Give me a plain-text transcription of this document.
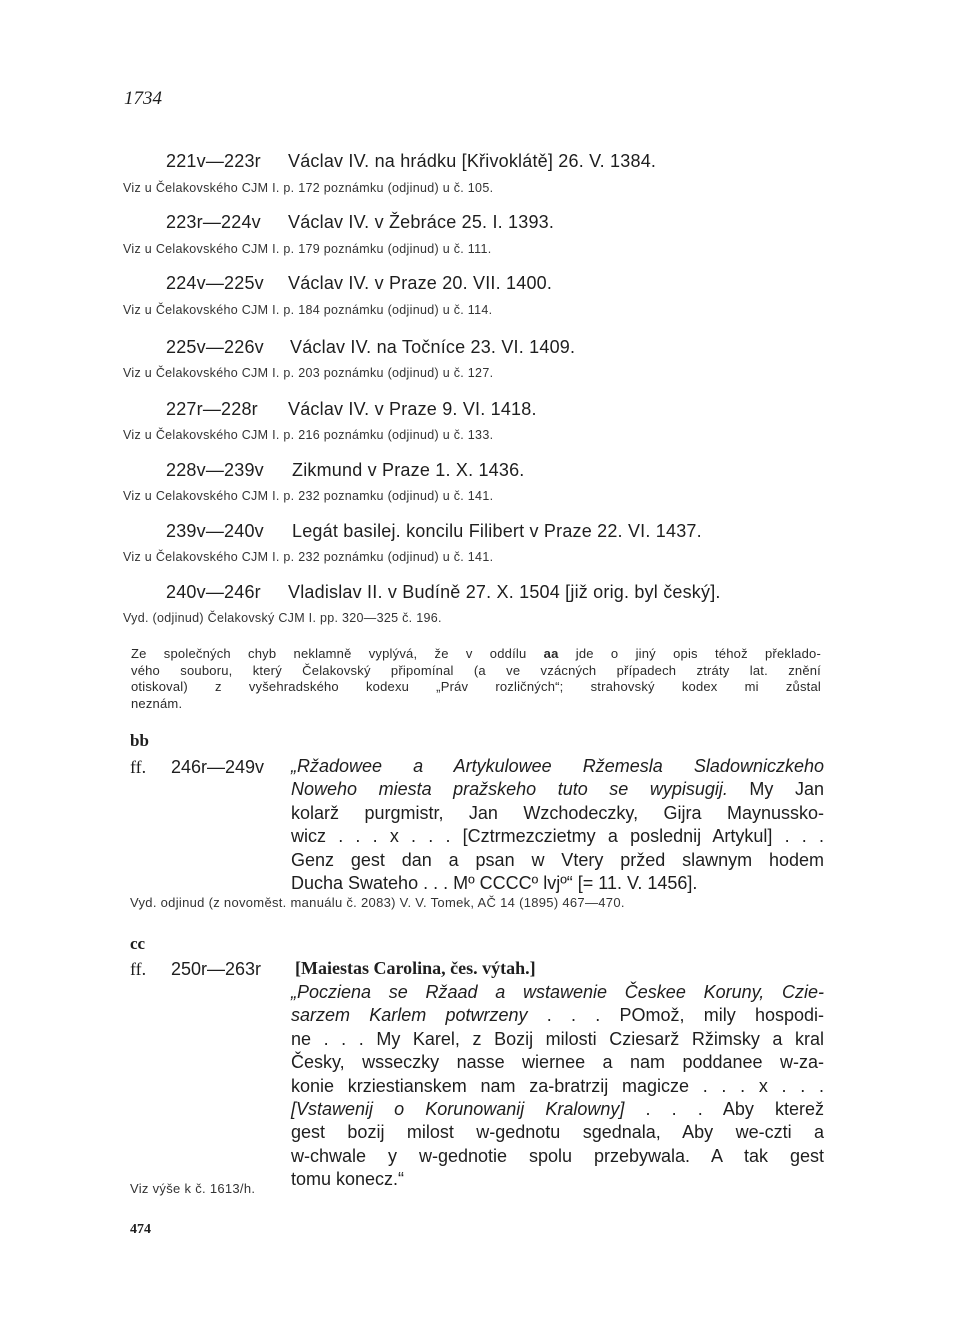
1734
221v—223r Václav IV. na hrádku [Křivoklátě] 26. V. 1384.
Viz u Čelakovského CJM I. p. 172 poznámku (odjinud) u č. 105.
223r—224v Václav IV. v Žebráce 25. I. 1393.
Viz u Celakovského CJM I. p. 179 poznámku (odjinud) u č. 111.
224v—225v Václav IV. v Praze 20. VII. 1400.
Viz u Čelakovského CJM I. p. 184 poznámku (odjinud) u č. 114.
225v—226v Václav IV. na Točníce 23. VI. 1409.
Viz u Čelakovského CJM I. p. 203 poznámku (odjinud) u č. 127.
227r—228r Václav IV. v Praze 9. VI. 1418.
Viz u Čelakovského CJM I. p. 216 poznámku (odjinud) u č. 133.
228v—239v Zikmund v Praze 1. X. 1436.
Viz u Celakovského CJM I. p. 232 poznamku (odjinud) u č. 141.
239v—240v Legát basilej. koncilu Filibert v Praze 22. VI. 1437.
Viz u Čelakovského CJM I. p. 232 poznámku (odjinud) u č. 141.
240v—246r Vladislav II. v Budíně 27. X. 1504 [již orig. byl český].
Vyd. (odjinud) Čelakovský CJM I. pp. 320—325 č. 196.
Ze společných chyb neklamně vyplývá, že v oddílu aa jde o jiný opis téhož překlado-
vého souboru, který Čelakovský připomínal (a ve vzácných případech ztráty lat. znění
otiskoval) z vyšehradského kodexu „Práv rozličných“; strahovský kodex mi zůstal
neznám.
bb
ff. 246r—249v „Ržadowee a Artykulowee Ržemesla Sladowniczkeho
Noweho miesta pražskeho tuto se wypisugij. My Jan
kolarž purgmistr, Jan Wzchodeczky, Gijra Maynussko-
wicz . . . x . . . [Cztrmezczietmy a poslednij Artykul] . . .
Genz gest dan a psan w Vtery pržed slawnym hodem
Ducha Swateho . . . Mº CCCCº lvjº“ [= 11. V. 1456].
Vyd. odjinud (z novoměst. manuálu č. 2083) V. V. Tomek, AČ 14 (1895) 467—470.
cc
ff. 250r—263r [Maiestas Carolina, čes. výtah.]
„Pocziena se Ržaad a wstawenie Českee Koruny, Czie-
sarzem Karlem potwrzeny . . . POmož, mily hospodi-
ne . . . My Karel, z Bozij milosti Cziesarž Ržimsky a kral
Česky, wsseczky nasse wiernee a nam poddanee w-za-
konie krziestianskem nam za-bratrzij magicze . . . x . . .
[Vstawenij o Korunowanij Kralowny] . . . Aby kterež
gest bozij milost w-gednotu sgednala, Aby we-czti a
w-chwale y w-gednotie spolu przebywala. A tak gest
tomu konecz.“
Viz výše k č. 1613/h.
474
